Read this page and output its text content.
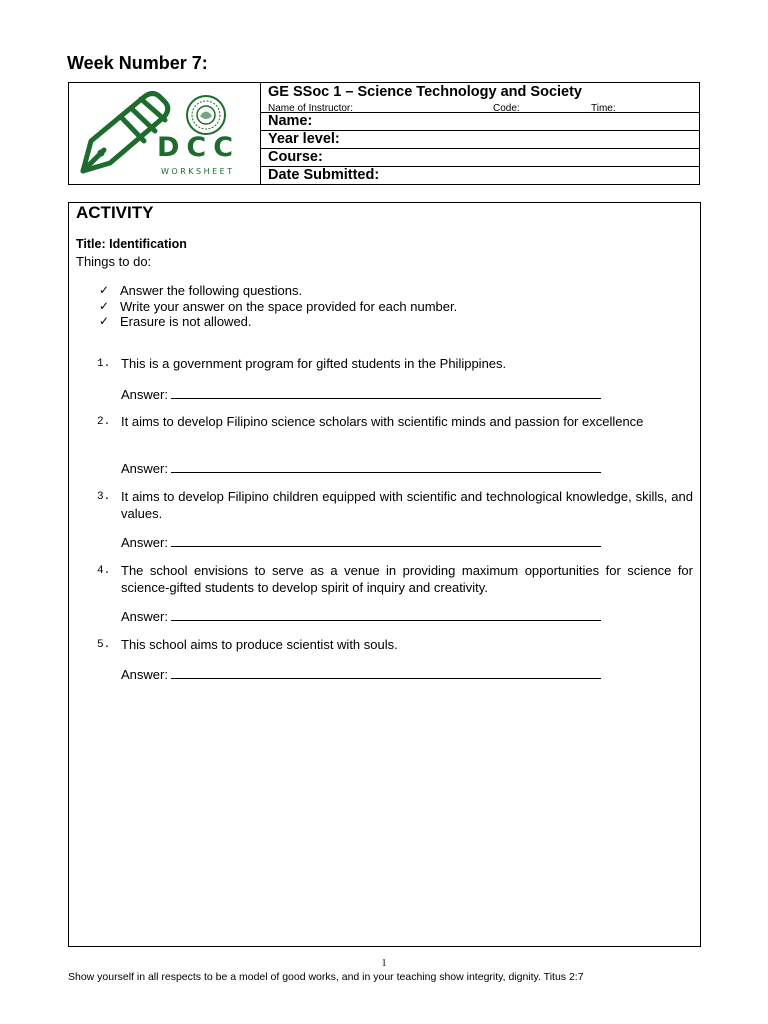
Week Number 7:
DCC
WORKSHEET
GE SSoc 1 – Science Technology and Society
Name of Instructor:	Code:	Time:
Name:
Year level:
Course:
Date Submitted:
ACTIVITY
Title: Identification
Things to do:
✓ Answer the following questions.
✓ Write your answer on the space provided for each number.
✓ Erasure is not allowed.
1. This is a government program for gifted students in the Philippines.
Answer:
2. It aims to develop Filipino science scholars with scientific minds and passion for excellence
Answer:
3. It aims to develop Filipino children equipped with scientific and technological knowledge, skills, and values.
Answer:
4. The school envisions to serve as a venue in providing maximum opportunities for science for science-gifted students to develop spirit of inquiry and creativity.
Answer:
5. This school aims to produce scientist with souls.
Answer:
1
Show yourself in all respects to be a model of good works, and in your teaching show integrity, dignity. Titus 2:7
